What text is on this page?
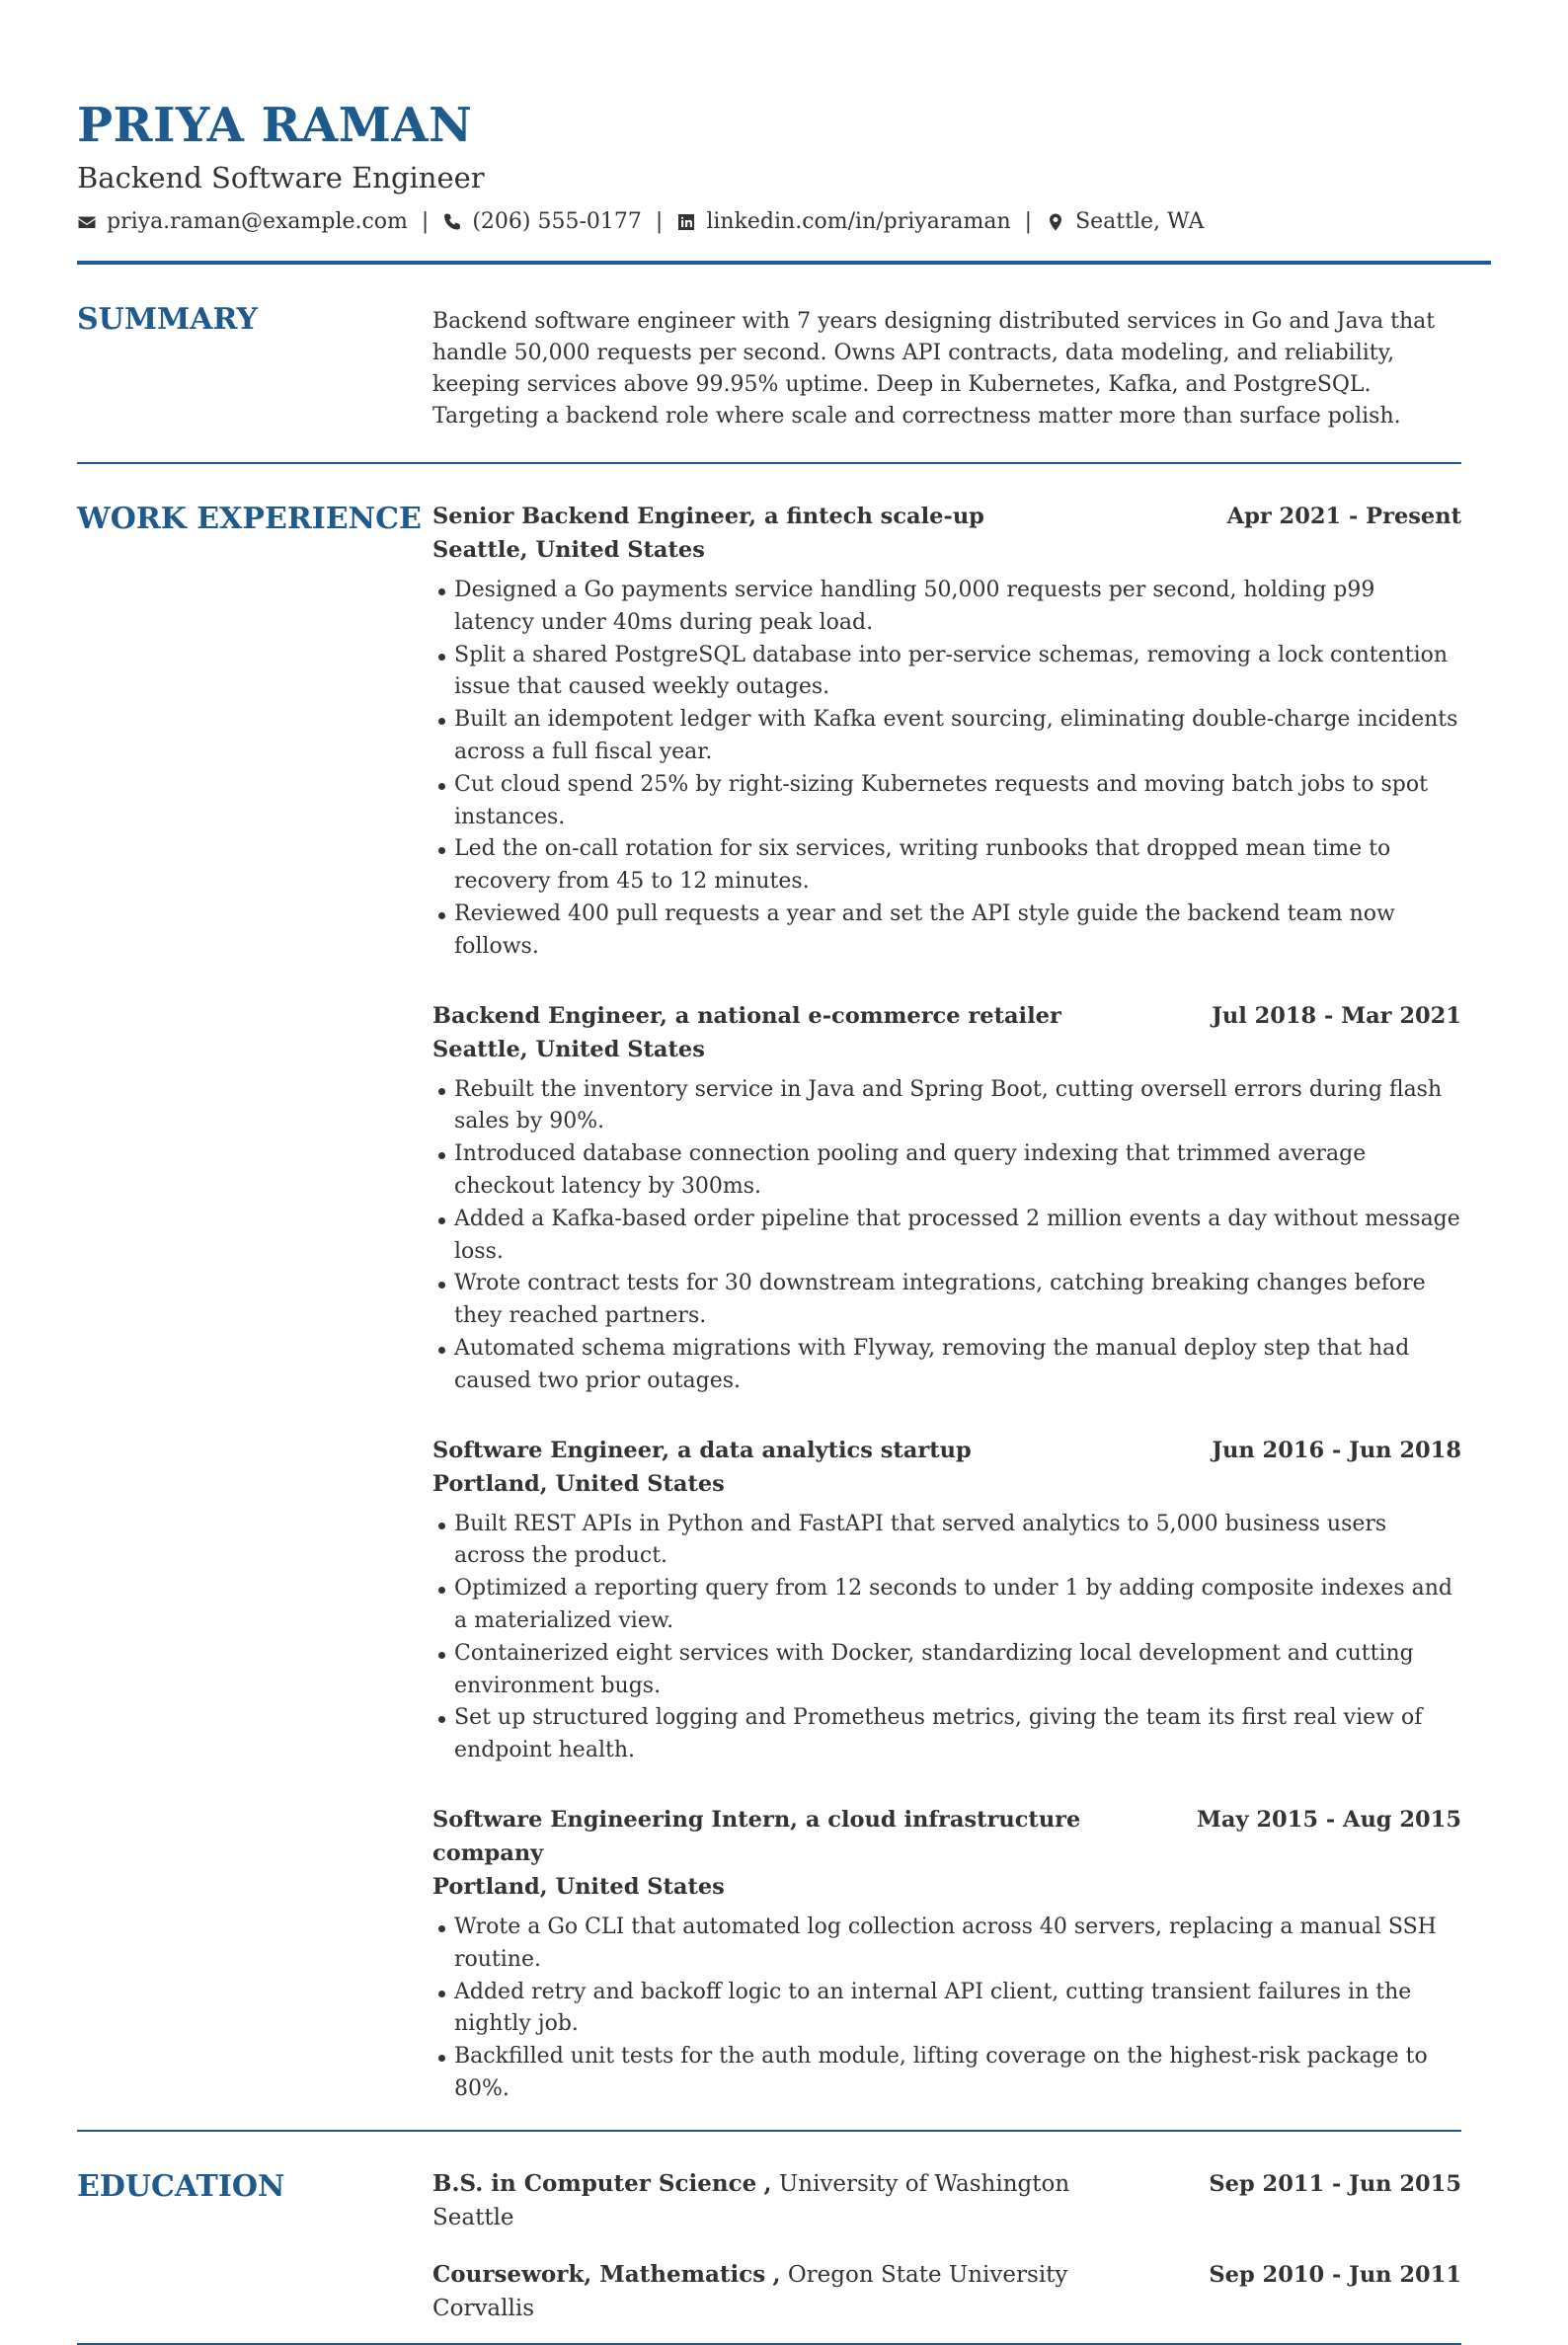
PRIYA RAMAN
Backend Software Engineer
priya.raman@example.com | (206) 555-0177 | linkedin.com/in/priyaraman | Seattle, WA
SUMMARY	Backend software engineer with 7 years designing distributed services in Go and Java that handle 50,000 requests per second. Owns API contracts, data modeling, and reliability, keeping services above 99.95% uptime. Deep in Kubernetes, Kafka, and PostgreSQL. Targeting a backend role where scale and correctness matter more than surface polish.

WORK EXPERIENCE Senior Backend Engineer, a fintech scale-up	Apr 2021 - Present
Seattle, United States
Designed a Go payments service handling 50,000 requests per second, holding p99 latency under 40ms during peak load.
Split a shared PostgreSQL database into per-service schemas, removing a lock contention issue that caused weekly outages.
Built an idempotent ledger with Kafka event sourcing, eliminating double-charge incidents across a full fiscal year.
Cut cloud spend 25% by right-sizing Kubernetes requests and moving batch jobs to spot instances.
Led the on-call rotation for six services, writing runbooks that dropped mean time to recovery from 45 to 12 minutes.
Reviewed 400 pull requests a year and set the API style guide the backend team now follows.
Backend Engineer, a national e-commerce retailer	Jul 2018 - Mar 2021
Seattle, United States
Rebuilt the inventory service in Java and Spring Boot, cutting oversell errors during flash sales by 90%.
Introduced database connection pooling and query indexing that trimmed average checkout latency by 300ms.
Added a Kafka-based order pipeline that processed 2 million events a day without message loss.
Wrote contract tests for 30 downstream integrations, catching breaking changes before they reached partners.
Automated schema migrations with Flyway, removing the manual deploy step that had caused two prior outages.
Software Engineer, a data analytics startup	Jun 2016 - Jun 2018
Portland, United States
Built REST APIs in Python and FastAPI that served analytics to 5,000 business users across the product.
Optimized a reporting query from 12 seconds to under 1 by adding composite indexes and a materialized view.
Containerized eight services with Docker, standardizing local development and cutting environment bugs.
Set up structured logging and Prometheus metrics, giving the team its first real view of endpoint health.
Software Engineering Intern, a cloud infrastructure company
May 2015 - Aug 2015
Portland, United States
Wrote a Go CLI that automated log collection across 40 servers, replacing a manual SSH routine.
Added retry and backoff logic to an internal API client, cutting transient failures in the nightly job.
Backfilled unit tests for the auth module, lifting coverage on the highest-risk package to 80%.
EDUCATION	B.S. in Computer Science , University of Washington	Sep 2011 - Jun 2015
Seattle
Coursework, Mathematics , Oregon State University	Sep 2010 - Jun 2011
Corvallis
